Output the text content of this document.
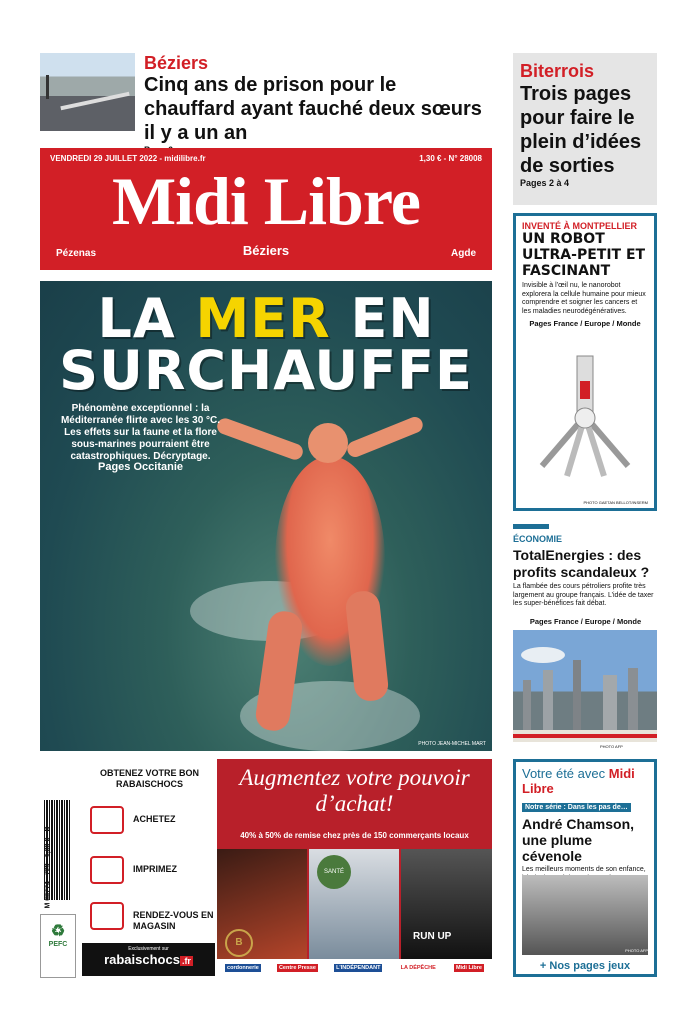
Béziers
Cinq ans de prison pour le chauffard ayant fauché deux sœurs il y a un an
Biterrois
Trois pages pour faire le plein d’idées de sorties
Pages 2 à 4
VENDREDI 29 JUILLET 2022 - midilibre.fr	1,30 € - N° 28008
Midi Libre
Pézenas	Béziers	Agde
LA MER EN
SURCHAUFFE
Phénomène exceptionnel : la Méditerranée flirte avec les 30 °C. Les effets sur la faune et la flore sous-marines pourraient être catastrophiques. Décryptage.
Pages Occitanie
PHOTO JEAN-MICHEL MART
INVENTÉ À MONTPELLIER
UN ROBOT ULTRA-PETIT ET FASCINANT
Invisible à l’œil nu, le nanorobot explorera la cellule humaine pour mieux comprendre et soigner les cancers et les maladies neurodégénératives.
Pages France / Europe / Monde
PHOTO GAETAN BELLOT/INSERM
ÉCONOMIE
TotalEnergies : des profits scandaleux ?
La flambée des cours pétroliers profite très largement au groupe français. L’idée de taxer les super-bénéfices fait débat.
Pages France / Europe / Monde
PHOTO AFP
Votre été avec Midi Libre
Notre série : Dans les pas de…
André Chamson, une plume cévenole
Les meilleurs moments de son enfance,
PHOTO AFP
+ Nos pages jeux
M 03774 - 729 - 1,30 € - D
♻
PEFC
OBTENEZ VOTRE BON RABAISCHOCS
ACHETEZ
IMPRIMEZ
RENDEZ-VOUS EN MAGASIN
Exclusivement sur
rabaischocs .fr
Augmentez votre pouvoir d’achat!
40% à 50% de remise chez près de 150 commerçants locaux
SANTÉ
B
RUN UP
cordonnerie	Centre Presse	L'INDÉPENDANT	LA DÉPÊCHE	Midi Libre
